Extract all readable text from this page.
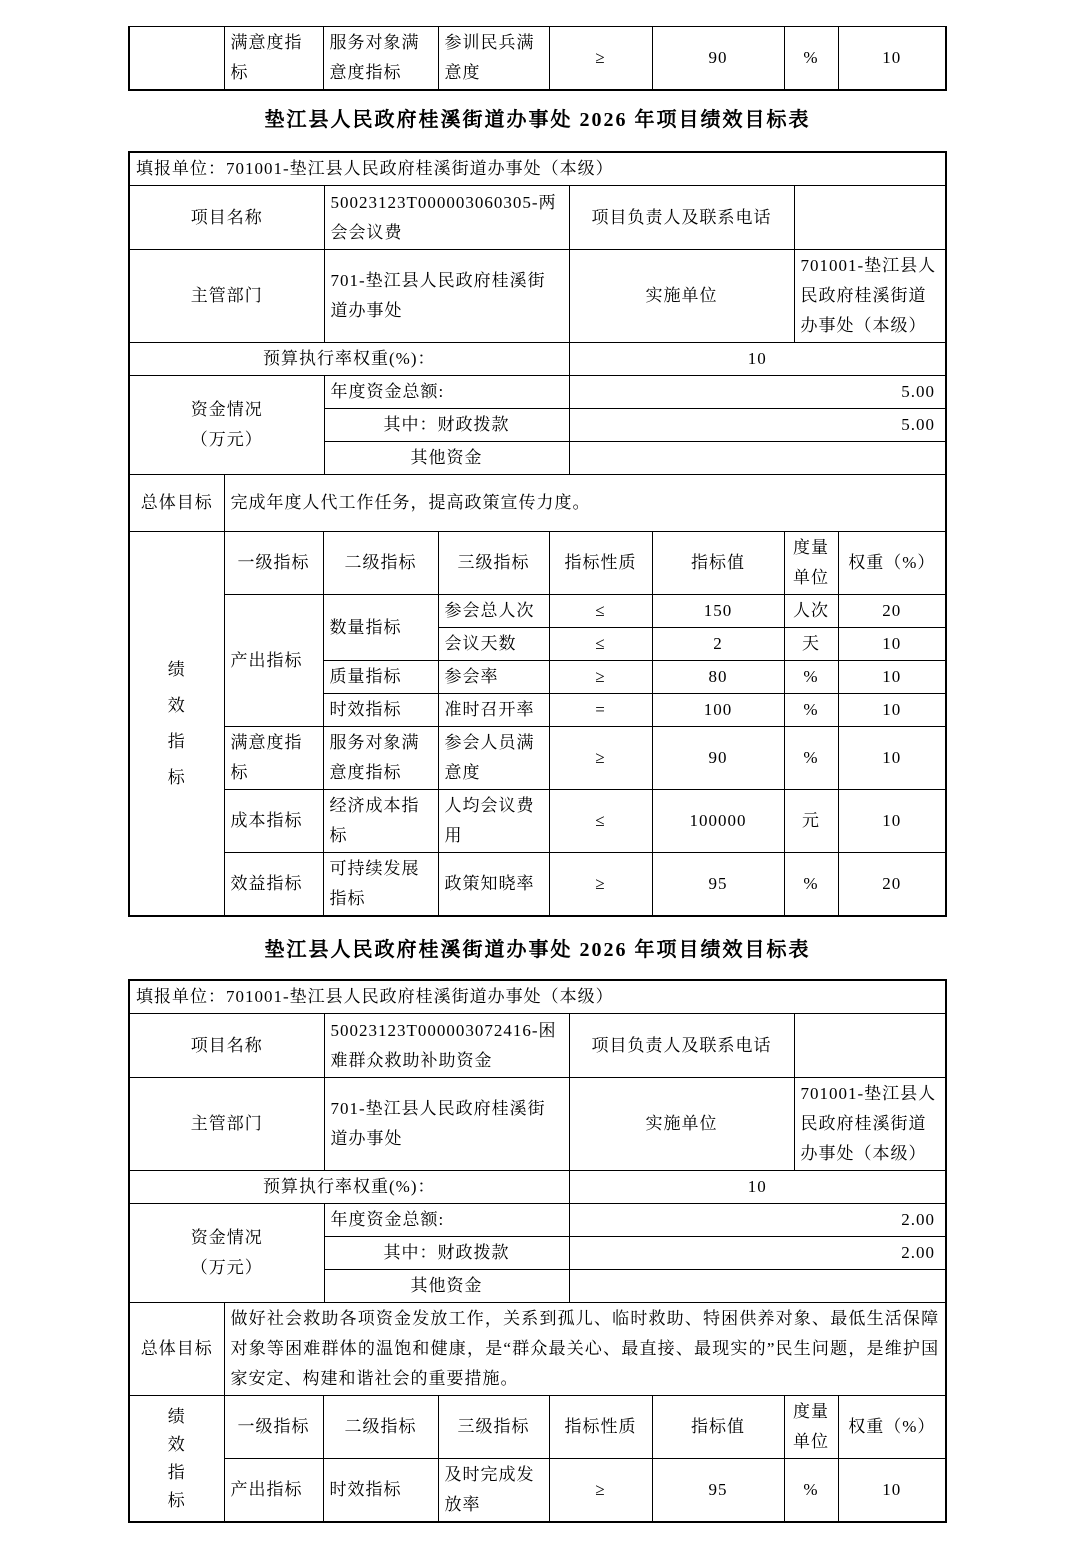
	满意度指标	服务对象满意度指标	参训民兵满意度	≥	90	%	10
垫江县人民政府桂溪街道办事处 2026 年项目绩效目标表
填报单位：701001-垫江县人民政府桂溪街道办事处（本级）			
项目名称	50023123T000003060305-两会会议费	项目负责人及联系电话	
主管部门	701-垫江县人民政府桂溪街道办事处	实施单位	701001-垫江县人民政府桂溪街道办事处（本级）
预算执行率权重(%)：		10	

资金情况
（万元）	年度资金总额:	5.00	
	其中：财政拨款	5.00	
	其他资金		
总体目标	完成年度人代工作任务，提高政策宣传力度。						

绩效指标	一级指标	二级指标	三级指标	指标性质	指标值	度量单位	权重（%）
	产出指标	数量指标	参会总人次	≤	150	人次	20
			会议天数	≤	2	天	10
		质量指标	参会率	≥	80	%	10
		时效指标	准时召开率	=	100	%	10
	满意度指标	服务对象满意度指标	参会人员满意度	≥	90	%	10
	成本指标	经济成本指标	人均会议费用	≤	100000	元	10
	效益指标	可持续发展指标	政策知晓率	≥	95	%	20
垫江县人民政府桂溪街道办事处 2026 年项目绩效目标表
填报单位：701001-垫江县人民政府桂溪街道办事处（本级）			
项目名称	50023123T000003072416-困难群众救助补助资金	项目负责人及联系电话	
主管部门	701-垫江县人民政府桂溪街道办事处	实施单位	701001-垫江县人民政府桂溪街道办事处（本级）
预算执行率权重(%)：		10	

资金情况
（万元）	年度资金总额:	2.00	
	其中：财政拨款	2.00	
	其他资金		
总体目标	做好社会救助各项资金发放工作，关系到孤儿、临时救助、特困供养对象、最低生活保障对象等困难群体的温饱和健康，是“群众最关心、最直接、最现实的”民生问题，是维护国家安定、构建和谐社会的重要措施。						

绩效指标	一级指标	二级指标	三级指标	指标性质	指标值	度量单位	权重（%）
	产出指标	时效指标	及时完成发放率	≥	95	%	10
